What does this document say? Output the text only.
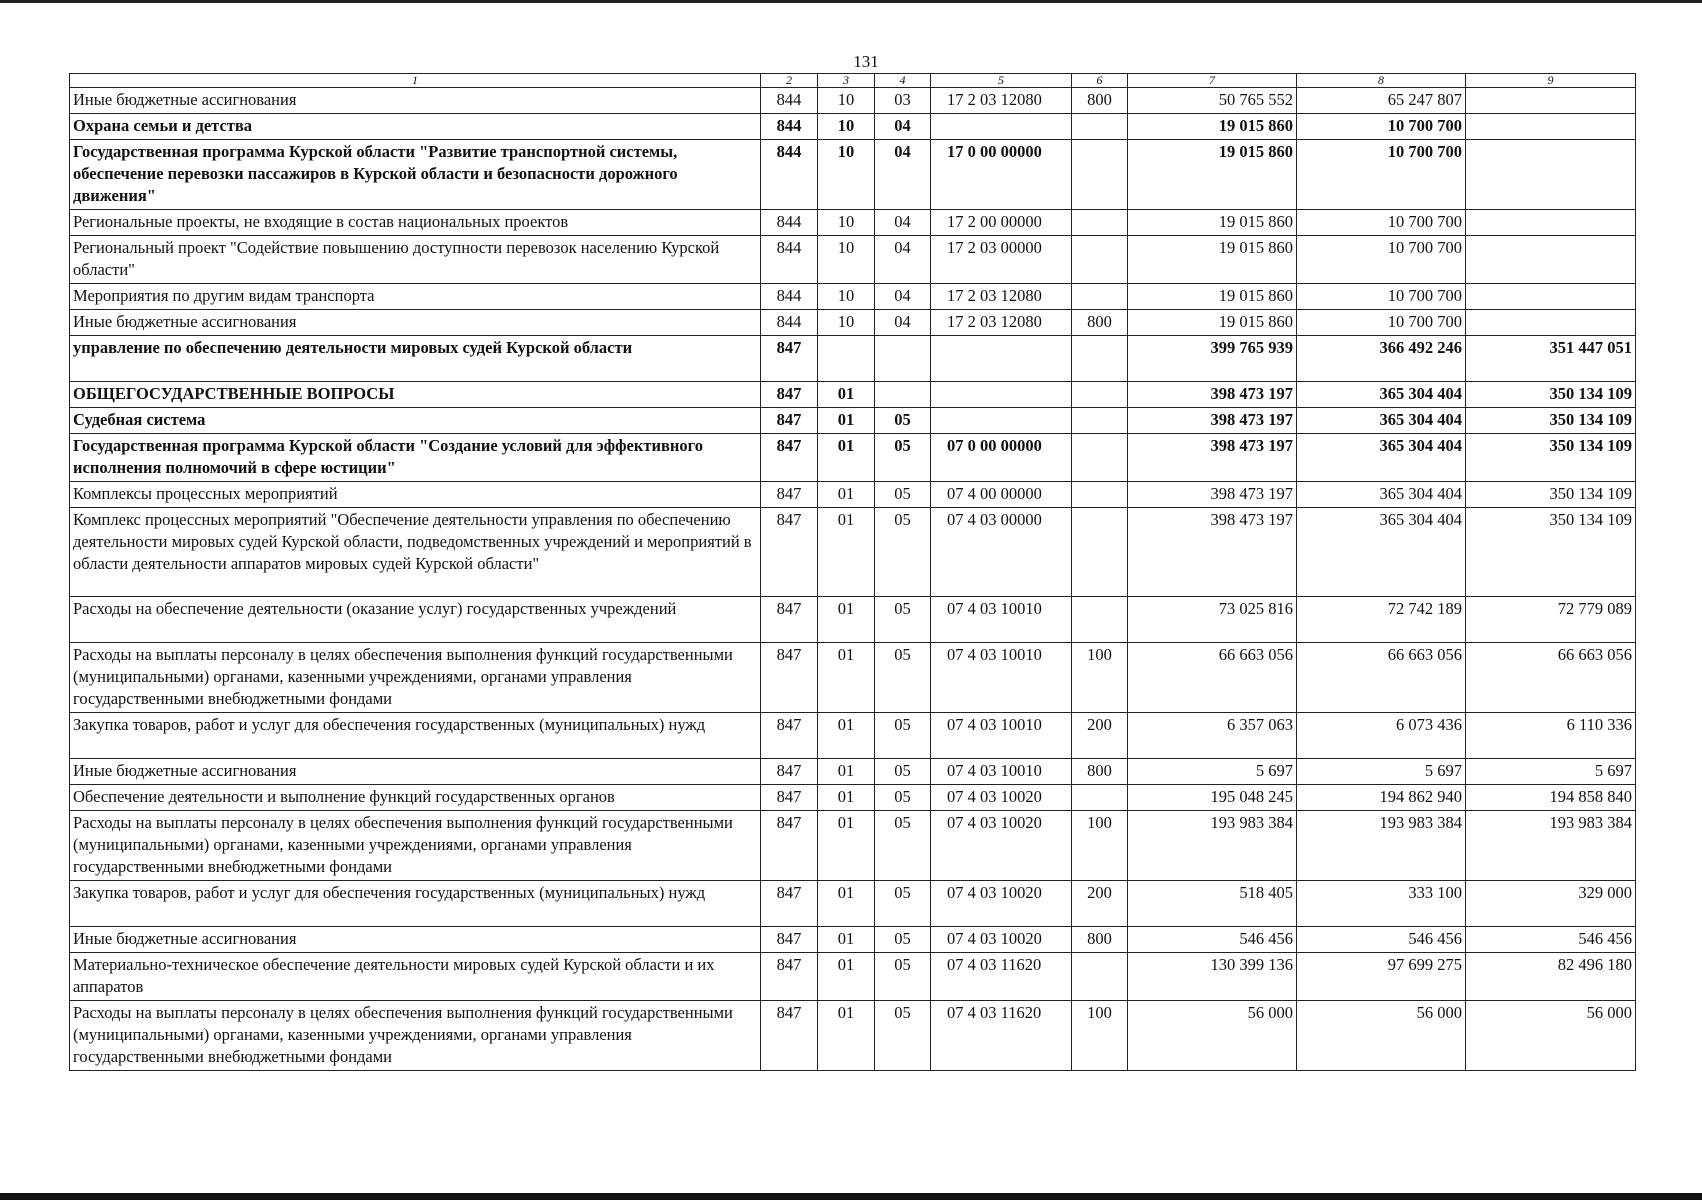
131
1	2	3	4	5	6	7	8	9
Иные бюджетные ассигнования	844	10	03	17 2 03 12080	800	50 765 552	65 247 807	
Охрана семьи и детства	844	10	04			19 015 860	10 700 700	
Государственная программа Курской области "Развитие транспортной системы, обеспечение перевозки пассажиров в Курской области и безопасности дорожного движения"	844	10	04	17 0 00 00000		19 015 860	10 700 700	
Региональные проекты, не входящие в состав национальных проектов	844	10	04	17 2 00 00000		19 015 860	10 700 700	
Региональный проект "Содействие повышению доступности перевозок населению Курской области"	844	10	04	17 2 03 00000		19 015 860	10 700 700	
Мероприятия по другим видам транспорта	844	10	04	17 2 03 12080		19 015 860	10 700 700	
Иные бюджетные ассигнования	844	10	04	17 2 03 12080	800	19 015 860	10 700 700	
управление по обеспечению деятельности мировых судей Курской области	847					399 765 939	366 492 246	351 447 051
ОБЩЕГОСУДАРСТВЕННЫЕ ВОПРОСЫ	847	01				398 473 197	365 304 404	350 134 109
Судебная система	847	01	05			398 473 197	365 304 404	350 134 109
Государственная программа Курской области "Создание условий для эффективного исполнения полномочий в сфере юстиции"	847	01	05	07 0 00 00000		398 473 197	365 304 404	350 134 109
Комплексы процессных мероприятий	847	01	05	07 4 00 00000		398 473 197	365 304 404	350 134 109
Комплекс процессных мероприятий "Обеспечение деятельности управления по обеспечению деятельности мировых судей Курской области, подведомственных учреждений и мероприятий в области деятельности аппаратов мировых судей Курской области"	847	01	05	07 4 03 00000		398 473 197	365 304 404	350 134 109
Расходы на обеспечение деятельности (оказание услуг) государственных учреждений	847	01	05	07 4 03 10010		73 025 816	72 742 189	72 779 089
Расходы на выплаты персоналу в целях обеспечения выполнения функций государственными (муниципальными) органами, казенными учреждениями, органами управления государственными внебюджетными фондами	847	01	05	07 4 03 10010	100	66 663 056	66 663 056	66 663 056
Закупка товаров, работ и услуг для обеспечения государственных (муниципальных) нужд	847	01	05	07 4 03 10010	200	6 357 063	6 073 436	6 110 336
Иные бюджетные ассигнования	847	01	05	07 4 03 10010	800	5 697	5 697	5 697
Обеспечение деятельности и выполнение функций государственных органов	847	01	05	07 4 03 10020		195 048 245	194 862 940	194 858 840
Расходы на выплаты персоналу в целях обеспечения выполнения функций государственными (муниципальными) органами, казенными учреждениями, органами управления государственными внебюджетными фондами	847	01	05	07 4 03 10020	100	193 983 384	193 983 384	193 983 384
Закупка товаров, работ и услуг для обеспечения государственных (муниципальных) нужд	847	01	05	07 4 03 10020	200	518 405	333 100	329 000
Иные бюджетные ассигнования	847	01	05	07 4 03 10020	800	546 456	546 456	546 456
Материально-техническое обеспечение деятельности мировых судей Курской области и их аппаратов	847	01	05	07 4 03 11620		130 399 136	97 699 275	82 496 180
Расходы на выплаты персоналу в целях обеспечения выполнения функций государственными (муниципальными) органами, казенными учреждениями, органами управления государственными внебюджетными фондами	847	01	05	07 4 03 11620	100	56 000	56 000	56 000
